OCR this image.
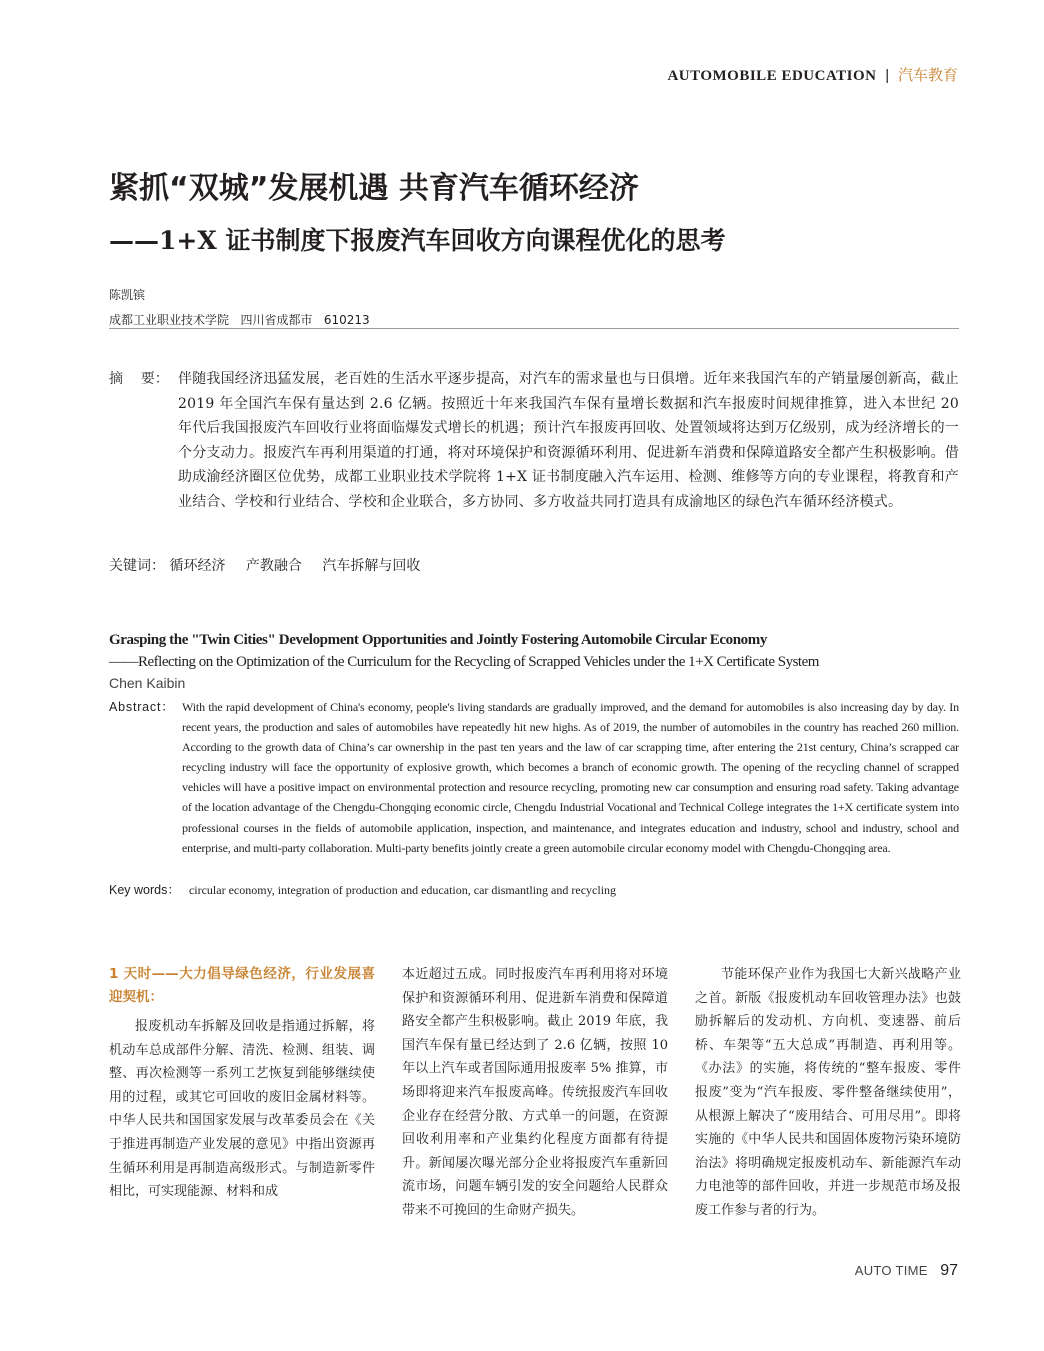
AUTOMOBILE EDUCATION | 汽车教育
紧抓“双城”发展机遇 共育汽车循环经济
——1+X 证书制度下报废汽车回收方向课程优化的思考
陈凯镔
成都工业职业技术学院   四川省成都市   610213
摘    要： 伴随我国经济迅猛发展，老百姓的生活水平逐步提高，对汽车的需求量也与日俱增。近年来我国汽车的产销量屡创新高，截止 2019 年全国汽车保有量达到 2.6 亿辆。按照近十年来我国汽车保有量增长数据和汽车报废时间规律推算，进入本世纪 20 年代后我国报废汽车回收行业将面临爆发式增长的机遇；预计汽车报废再回收、处置领域将达到万亿级别，成为经济增长的一个分支动力。报废汽车再利用渠道的打通，将对环境保护和资源循环利用、促进新车消费和保障道路安全都产生积极影响。借助成渝经济圈区位优势，成都工业职业技术学院将 1+X 证书制度融入汽车运用、检测、维修等方向的专业课程，将教育和产业结合、学校和行业结合、学校和企业联合，多方协同、多方收益共同打造具有成渝地区的绿色汽车循环经济模式。
关键词： 循环经济 产教融合 汽车拆解与回收
Grasping the "Twin Cities" Development Opportunities and Jointly Fostering Automobile Circular Economy
——Reflecting on the Optimization of the Curriculum for the Recycling of Scrapped Vehicles under the 1+X Certificate System
Chen Kaibin
Abstract： With the rapid development of China's economy, people's living standards are gradually improved, and the demand for automobiles is also increasing day by day. In recent years, the production and sales of automobiles have repeatedly hit new highs. As of 2019, the number of automobiles in the country has reached 260 million. According to the growth data of China’s car ownership in the past ten years and the law of car scrapping time, after entering the 21st century, China’s scrapped car recycling industry will face the opportunity of explosive growth, which becomes a branch of economic growth. The opening of the recycling channel of scrapped vehicles will have a positive impact on environmental protection and resource recycling, promoting new car consumption and ensuring road safety. Taking advantage of the location advantage of the Chengdu-Chongqing economic circle, Chengdu Industrial Vocational and Technical College integrates the 1+X certificate system into professional courses in the fields of automobile application, inspection, and maintenance, and integrates education and industry, school and industry, school and enterprise, and multi-party collaboration. Multi-party benefits jointly create a green automobile circular economy model with Chengdu-Chongqing area.
Key words： circular economy, integration of production and education, car dismantling and recycling
1 天时——大力倡导绿色经济，行业发展喜迎契机：

报废机动车拆解及回收是指通过拆解，将机动车总成部件分解、清洗、检测、组装、调整、再次检测等一系列工艺恢复到能够继续使用的过程，或其它可回收的废旧金属材料等。中华人民共和国国家发展与改革委员会在《关于推进再制造产业发展的意见》中指出资源再生循环利用是再制造高级形式。与制造新零件相比，可实现能源、材料和成

本近超过五成。同时报废汽车再利用将对环境保护和资源循环利用、促进新车消费和保障道路安全都产生积极影响。截止 2019 年底，我国汽车保有量已经达到了 2.6 亿辆，按照 10 年以上汽车或者国际通用报废率 5% 推算，市场即将迎来汽车报废高峰。传统报废汽车回收企业存在经营分散、方式单一的问题，在资源回收利用率和产业集约化程度方面都有待提升。新闻屡次曝光部分企业将报废汽车重新回流市场，问题车辆引发的安全问题给人民群众带来不可挽回的生命财产损失。

节能环保产业作为我国七大新兴战略产业之首。新版《报废机动车回收管理办法》也鼓励拆解后的发动机、方向机、变速器、前后桥、车架等“五大总成”再制造、再利用等。《办法》的实施，将传统的“整车报废、零件报废”变为“汽车报废、零件整备继续使用”，从根源上解决了“废用结合、可用尽用”。即将实施的《中华人民共和国固体废物污染环境防治法》将明确规定报废机动车、新能源汽车动力电池等的部件回收，并进一步规范市场及报废工作参与者的行为。

AUTO TIME 97
